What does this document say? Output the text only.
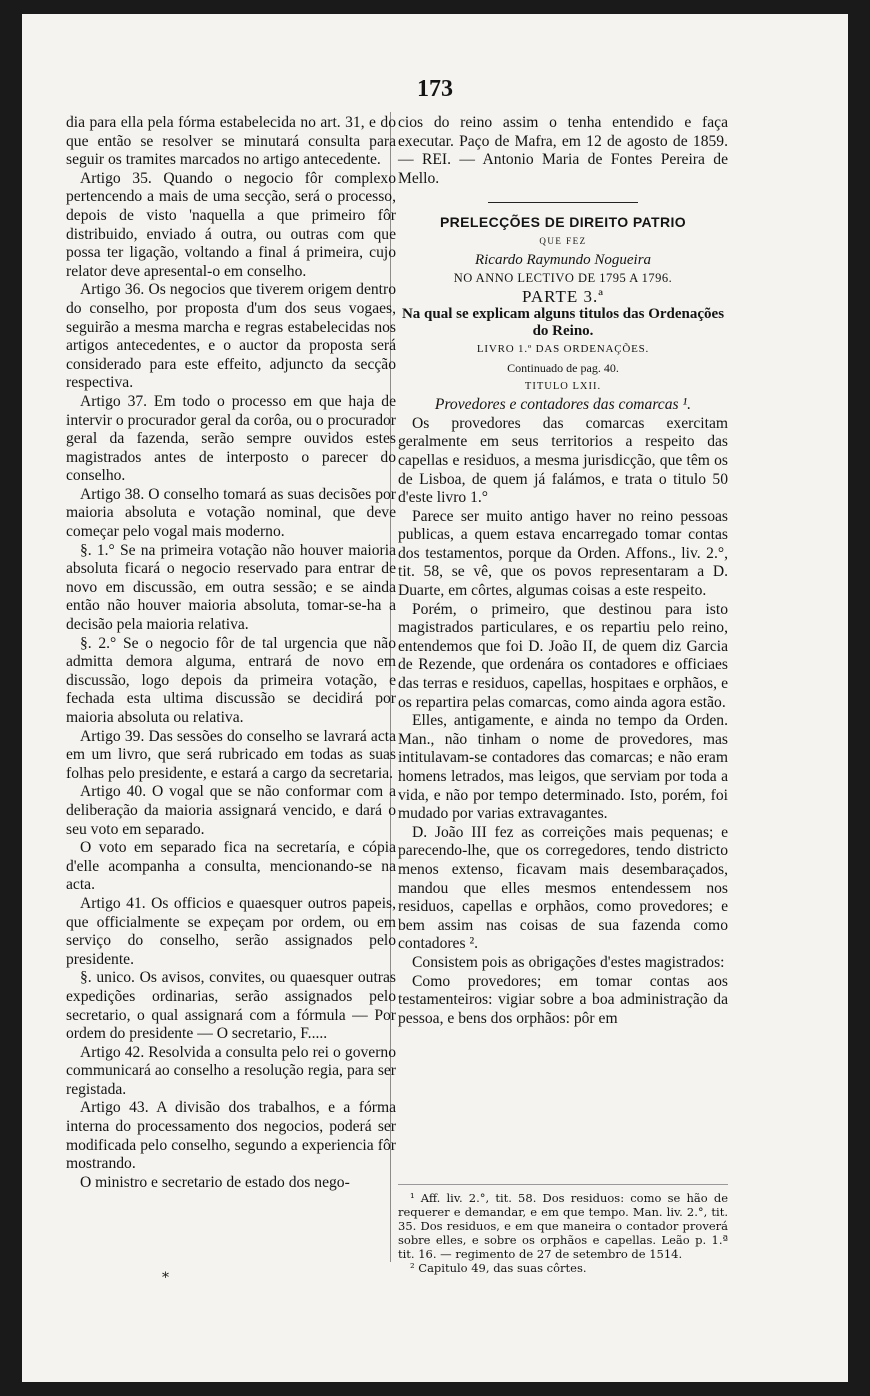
173

dia para ella pela fórma estabelecida no art. 31, e do que então se resolver se minutará consulta para seguir os tramites marcados no artigo antecedente.

Artigo 35. Quando o negocio fôr complexo pertencendo a mais de uma secção, será o processo, depois de visto 'naquella a que primeiro fôr distribuido, enviado á outra, ou outras com que possa ter ligação, voltando a final á primeira, cujo relator deve apresental-o em conselho.

Artigo 36. Os negocios que tiverem origem dentro do conselho, por proposta d'um dos seus vogaes, seguirão a mesma marcha e regras estabelecidas nos artigos antecedentes, e o auctor da proposta será considerado para este effeito, adjuncto da secção respectiva.

Artigo 37. Em todo o processo em que haja de intervir o procurador geral da corôa, ou o procurador geral da fazenda, serão sempre ouvidos estes magistrados antes de interposto o parecer do conselho.

Artigo 38. O conselho tomará as suas decisões por maioria absoluta e votação nominal, que deve começar pelo vogal mais moderno.

§. 1.° Se na primeira votação não houver maioria absoluta ficará o negocio reservado para entrar de novo em discussão, em outra sessão; e se ainda então não houver maioria absoluta, tomar-se-ha a decisão pela maioria relativa.

§. 2.° Se o negocio fôr de tal urgencia que não admitta demora alguma, entrará de novo em discussão, logo depois da primeira votação, e fechada esta ultima discussão se decidirá por maioria absoluta ou relativa.

Artigo 39. Das sessões do conselho se lavrará acta em um livro, que será rubricado em todas as suas folhas pelo presidente, e estará a cargo da secretaria.

Artigo 40. O vogal que se não conformar com a deliberação da maioria assignará vencido, e dará o seu voto em separado.

O voto em separado fica na secretaría, e cópia d'elle acompanha a consulta, mencionando-se na acta.

Artigo 41. Os officios e quaesquer outros papeis, que officialmente se expeçam por ordem, ou em serviço do conselho, serão assignados pelo presidente.

§. unico. Os avisos, convites, ou quaesquer outras expedições ordinarias, serão assignados pelo secretario, o qual assignará com a fórmula — Por ordem do presidente — O secretario, F.....

Artigo 42. Resolvida a consulta pelo rei o governo communicará ao conselho a resolução regia, para ser registada.

Artigo 43. A divisão dos trabalhos, e a fórma interna do processamento dos negocios, poderá ser modificada pelo conselho, segundo a experiencia fôr mostrando.

O ministro e secretario de estado dos nego-

cios do reino assim o tenha entendido e faça executar. Paço de Mafra, em 12 de agosto de 1859. — REI. — Antonio Maria de Fontes Pereira de Mello.

PRELECÇÕES DE DIREITO PATRIO

QUE FEZ

Ricardo Raymundo Nogueira

NO ANNO LECTIVO DE 1795 A 1796.

PARTE 3.ª

Na qual se explicam alguns titulos das Ordenações do Reino.

LIVRO 1.º DAS ORDENAÇÕES.

Continuado de pag. 40.

TITULO LXII.

Provedores e contadores das comarcas ¹.

Os provedores das comarcas exercitam geralmente em seus territorios a respeito das capellas e residuos, a mesma jurisdicção, que têm os de Lisboa, de quem já falámos, e trata o titulo 50 d'este livro 1.°

Parece ser muito antigo haver no reino pessoas publicas, a quem estava encarregado tomar contas dos testamentos, porque da Orden. Affons., liv. 2.°, tit. 58, se vê, que os povos representaram a D. Duarte, em côrtes, algumas coisas a este respeito.

Porém, o primeiro, que destinou para isto magistrados particulares, e os repartiu pelo reino, entendemos que foi D. João II, de quem diz Garcia de Rezende, que ordenára os contadores e officiaes das terras e residuos, capellas, hospitaes e orphãos, e os repartira pelas comarcas, como ainda agora estão.

Elles, antigamente, e ainda no tempo da Orden. Man., não tinham o nome de provedores, mas intitulavam-se contadores das comarcas; e não eram homens letrados, mas leigos, que serviam por toda a vida, e não por tempo determinado. Isto, porém, foi mudado por varias extravagantes.

D. João III fez as correições mais pequenas; e parecendo-lhe, que os corregedores, tendo districto menos extenso, ficavam mais desembaraçados, mandou que elles mesmos entendessem nos residuos, capellas e orphãos, como provedores; e bem assim nas coisas de sua fazenda como contadores ².

Consistem pois as obrigações d'estes magistrados:

Como provedores; em tomar contas aos testamenteiros: vigiar sobre a boa administração da pessoa, e bens dos orphãos: pôr em

¹ Aff. liv. 2.°, tit. 58. Dos residuos: como se hão de requerer e demandar, e em que tempo. Man. liv. 2.°, tit. 35. Dos residuos, e em que maneira o contador proverá sobre elles, e sobre os orphãos e capellas. Leão p. 1.ª tit. 16. — regimento de 27 de setembro de 1514.

² Capitulo 49, das suas côrtes.

*
